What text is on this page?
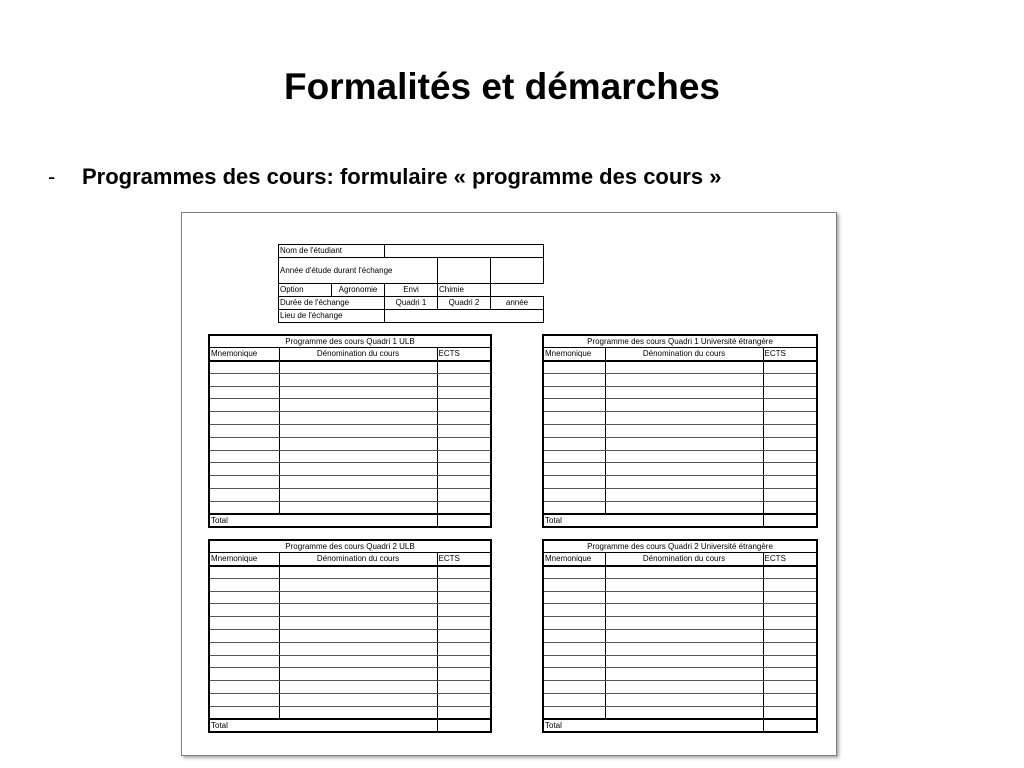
Formalités et démarches
- Programmes des cours: formulaire « programme des cours »
Nom de l'étudiant				
Année d'étude durant l'échange				
Option	Agronomie	Envi	Chimie	
Durée de l'échange		Quadri 1	Quadri 2	année
Lieu de l'échange				
Programme des cours Quadri 1 ULB		
Mnemonique	Dénomination du cours	ECTS

Total		
Programme des cours Quadri 1 Université étrangère		
Mnemonique	Dénomination du cours	ECTS

Total		
Programme des cours Quadri 2 ULB		
Mnemonique	Dénomination du cours	ECTS

Total		
Programme des cours Quadri 2 Université étrangère		
Mnemonique	Dénomination du cours	ECTS

Total		
